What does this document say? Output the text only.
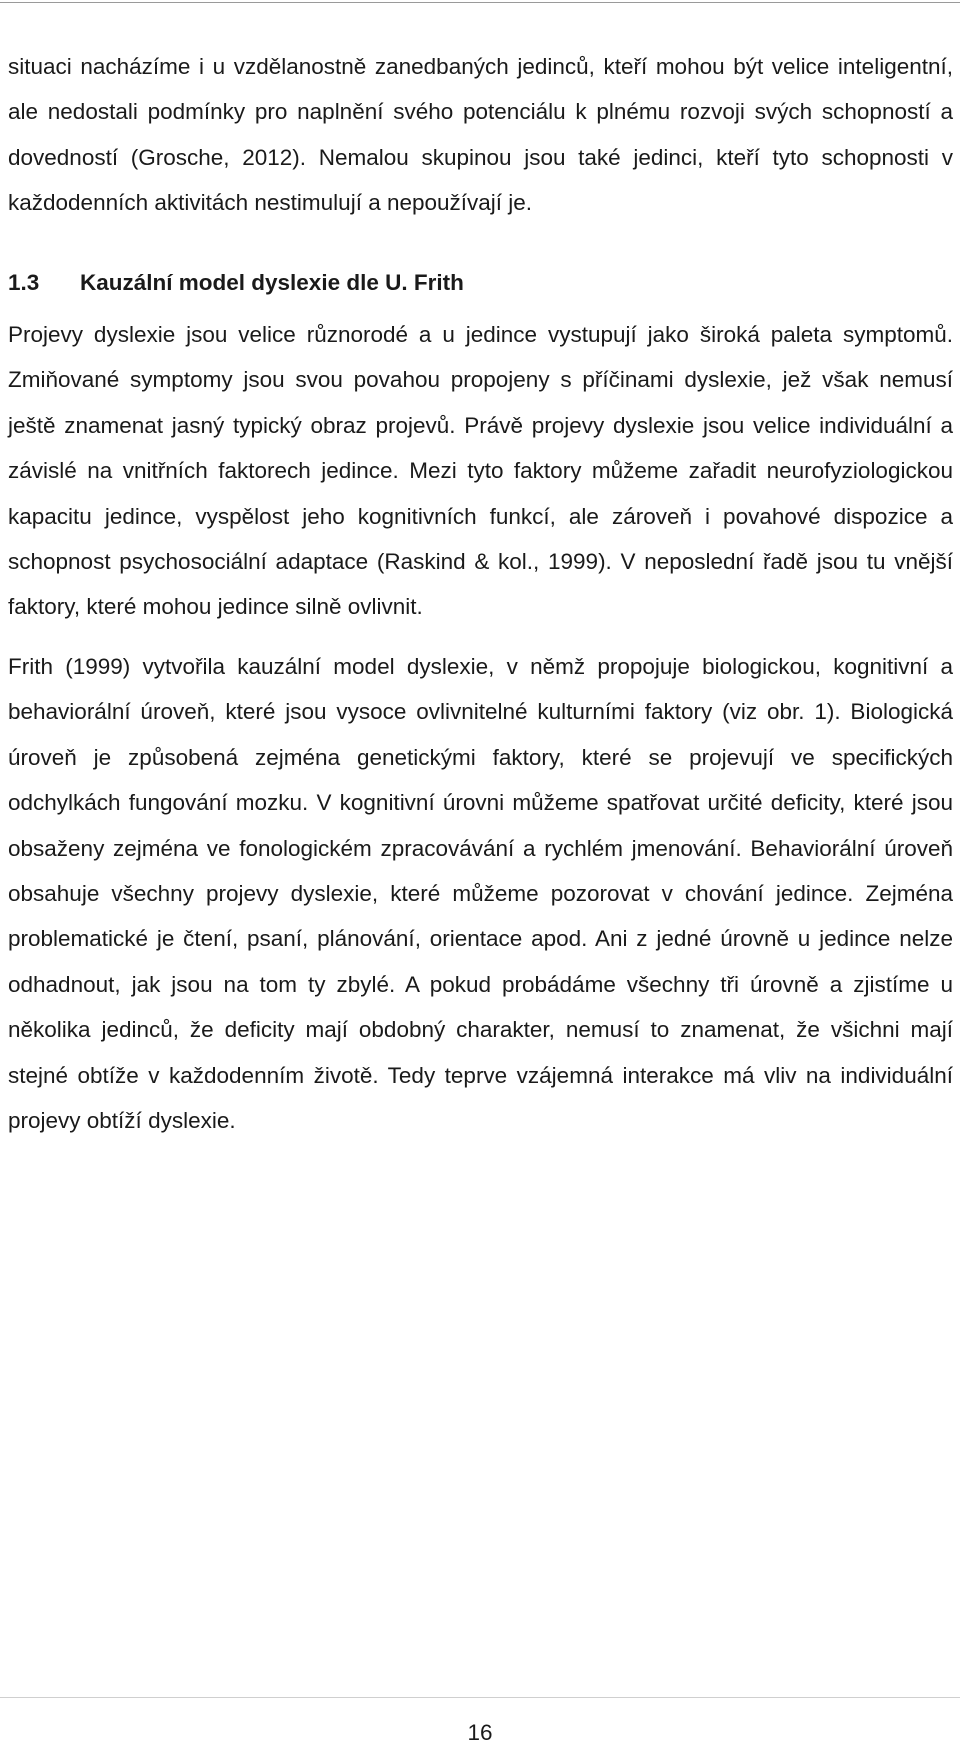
situaci nacházíme i u vzdělanostně zanedbaných jedinců, kteří mohou být velice inteligentní, ale nedostali podmínky pro naplnění svého potenciálu k plnému rozvoji svých schopností a dovedností (Grosche, 2012). Nemalou skupinou jsou také jedinci, kteří tyto schopnosti v každodenních aktivitách nestimulují a nepoužívají je.

1.3 Kauzální model dyslexie dle U. Frith

Projevy dyslexie jsou velice různorodé a u jedince vystupují jako široká paleta symptomů. Zmiňované symptomy jsou svou povahou propojeny s příčinami dyslexie, jež však nemusí ještě znamenat jasný typický obraz projevů. Právě projevy dyslexie jsou velice individuální a závislé na vnitřních faktorech jedince. Mezi tyto faktory můžeme zařadit neurofyziologickou kapacitu jedince, vyspělost jeho kognitivních funkcí, ale zároveň i povahové dispozice a schopnost psychosociální adaptace (Raskind & kol., 1999). V neposlední řadě jsou tu vnější faktory, které mohou jedince silně ovlivnit.

Frith (1999) vytvořila kauzální model dyslexie, v němž propojuje biologickou, kognitivní a behaviorální úroveň, které jsou vysoce ovlivnitelné kulturními faktory (viz obr. 1). Biologická úroveň je způsobená zejména genetickými faktory, které se projevují ve specifických odchylkách fungování mozku. V kognitivní úrovni můžeme spatřovat určité deficity, které jsou obsaženy zejména ve fonologickém zpracovávání a rychlém jmenování. Behaviorální úroveň obsahuje všechny projevy dyslexie, které můžeme pozorovat v chování jedince. Zejména problematické je čtení, psaní, plánování, orientace apod. Ani z jedné úrovně u jedince nelze odhadnout, jak jsou na tom ty zbylé. A pokud probádáme všechny tři úrovně a zjistíme u několika jedinců, že deficity mají obdobný charakter, nemusí to znamenat, že všichni mají stejné obtíže v každodenním životě. Tedy teprve vzájemná interakce má vliv na individuální projevy obtíží dyslexie.

16
